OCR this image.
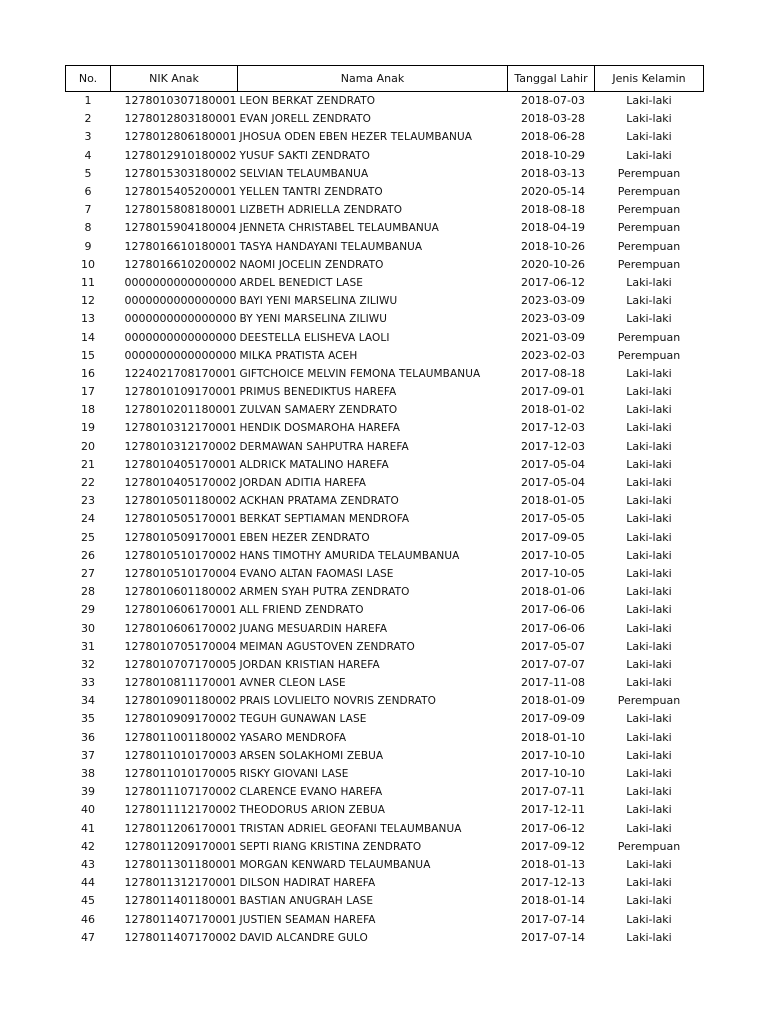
No.	NIK Anak	Nama Anak	Tanggal Lahir	Jenis Kelamin
1	1278010307180001	LEON BERKAT ZENDRATO	2018-07-03	Laki-laki
2	1278012803180001	EVAN JORELL ZENDRATO	2018-03-28	Laki-laki
3	1278012806180001	JHOSUA ODEN EBEN HEZER TELAUMBANUA	2018-06-28	Laki-laki
4	1278012910180002	YUSUF SAKTI ZENDRATO	2018-10-29	Laki-laki
5	1278015303180002	SELVIAN TELAUMBANUA	2018-03-13	Perempuan
6	1278015405200001	YELLEN TANTRI ZENDRATO	2020-05-14	Perempuan
7	1278015808180001	LIZBETH ADRIELLA ZENDRATO	2018-08-18	Perempuan
8	1278015904180004	JENNETA CHRISTABEL TELAUMBANUA	2018-04-19	Perempuan
9	1278016610180001	TASYA HANDAYANI TELAUMBANUA	2018-10-26	Perempuan
10	1278016610200002	NAOMI JOCELIN ZENDRATO	2020-10-26	Perempuan
11	0000000000000000	ARDEL BENEDICT LASE	2017-06-12	Laki-laki
12	0000000000000000	BAYI YENI MARSELINA ZILIWU	2023-03-09	Laki-laki
13	0000000000000000	BY YENI MARSELINA ZILIWU	2023-03-09	Laki-laki
14	0000000000000000	DEESTELLA ELISHEVA LAOLI	2021-03-09	Perempuan
15	0000000000000000	MILKA PRATISTA ACEH	2023-02-03	Perempuan
16	1224021708170001	GIFTCHOICE MELVIN FEMONA TELAUMBANUA	2017-08-18	Laki-laki
17	1278010109170001	PRIMUS BENEDIKTUS HAREFA	2017-09-01	Laki-laki
18	1278010201180001	ZULVAN SAMAERY ZENDRATO	2018-01-02	Laki-laki
19	1278010312170001	HENDIK DOSMAROHA HAREFA	2017-12-03	Laki-laki
20	1278010312170002	DERMAWAN SAHPUTRA HAREFA	2017-12-03	Laki-laki
21	1278010405170001	ALDRICK MATALINO HAREFA	2017-05-04	Laki-laki
22	1278010405170002	JORDAN ADITIA HAREFA	2017-05-04	Laki-laki
23	1278010501180002	ACKHAN PRATAMA ZENDRATO	2018-01-05	Laki-laki
24	1278010505170001	BERKAT SEPTIAMAN MENDROFA	2017-05-05	Laki-laki
25	1278010509170001	EBEN HEZER ZENDRATO	2017-09-05	Laki-laki
26	1278010510170002	HANS TIMOTHY AMURIDA TELAUMBANUA	2017-10-05	Laki-laki
27	1278010510170004	EVANO ALTAN FAOMASI LASE	2017-10-05	Laki-laki
28	1278010601180002	ARMEN SYAH PUTRA ZENDRATO	2018-01-06	Laki-laki
29	1278010606170001	ALL FRIEND ZENDRATO	2017-06-06	Laki-laki
30	1278010606170002	JUANG MESUARDIN HAREFA	2017-06-06	Laki-laki
31	1278010705170004	MEIMAN AGUSTOVEN ZENDRATO	2017-05-07	Laki-laki
32	1278010707170005	JORDAN KRISTIAN HAREFA	2017-07-07	Laki-laki
33	1278010811170001	AVNER CLEON LASE	2017-11-08	Laki-laki
34	1278010901180002	PRAIS LOVLIELTO NOVRIS ZENDRATO	2018-01-09	Perempuan
35	1278010909170002	TEGUH GUNAWAN LASE	2017-09-09	Laki-laki
36	1278011001180002	YASARO MENDROFA	2018-01-10	Laki-laki
37	1278011010170003	ARSEN SOLAKHOMI ZEBUA	2017-10-10	Laki-laki
38	1278011010170005	RISKY GIOVANI LASE	2017-10-10	Laki-laki
39	1278011107170002	CLARENCE EVANO HAREFA	2017-07-11	Laki-laki
40	1278011112170002	THEODORUS ARION ZEBUA	2017-12-11	Laki-laki
41	1278011206170001	TRISTAN ADRIEL GEOFANI TELAUMBANUA	2017-06-12	Laki-laki
42	1278011209170001	SEPTI RIANG KRISTINA ZENDRATO	2017-09-12	Perempuan
43	1278011301180001	MORGAN KENWARD TELAUMBANUA	2018-01-13	Laki-laki
44	1278011312170001	DILSON HADIRAT HAREFA	2017-12-13	Laki-laki
45	1278011401180001	BASTIAN ANUGRAH LASE	2018-01-14	Laki-laki
46	1278011407170001	JUSTIEN SEAMAN HAREFA	2017-07-14	Laki-laki
47	1278011407170002	DAVID ALCANDRE GULO	2017-07-14	Laki-laki
